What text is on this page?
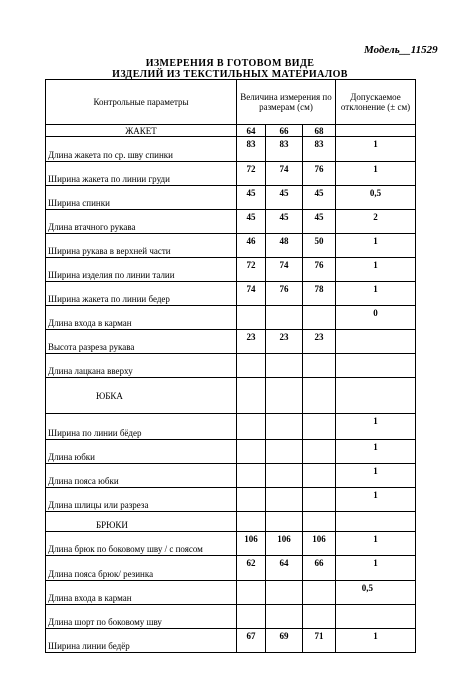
Модель__11529
ИЗМЕРЕНИЯ В ГОТОВОМ ВИДЕ
ИЗДЕЛИЙ ИЗ ТЕКСТИЛЬНЫХ МАТЕРИАЛОВ
Контрольные параметры	Величина измерения по размерам (см)			Допускаемое отклонение (± см)
ЖАКЕТ	64	66	68	
Длина жакета по ср. шву спинки	83	83	83	1
Ширина жакета по линии груди	72	74	76	1
Ширина спинки	45	45	45	0,5
Длина втачного рукава	45	45	45	2
Ширина рукава в верхней части	46	48	50	1
Ширина изделия по линии талии	72	74	76	1
Ширина жакета по линии бедер	74	76	78	1
Длина входа в карман				0
Высота разреза рукава	23	23	23	
Длина лацкана вверху				
ЮБКА				
Ширина по линии бёдер				1
Длина юбки				1
Длина пояса юбки				1
Длина шлицы или разреза				1
БРЮКИ				
Длина брюк по боковому шву / с поясом	106	106	106	1
Длина пояса брюк/ резинка	62	64	66	1
Длина входа в карман				0,5
Длина шорт по боковому шву				
Ширина линии бедёр	67	69	71	1
